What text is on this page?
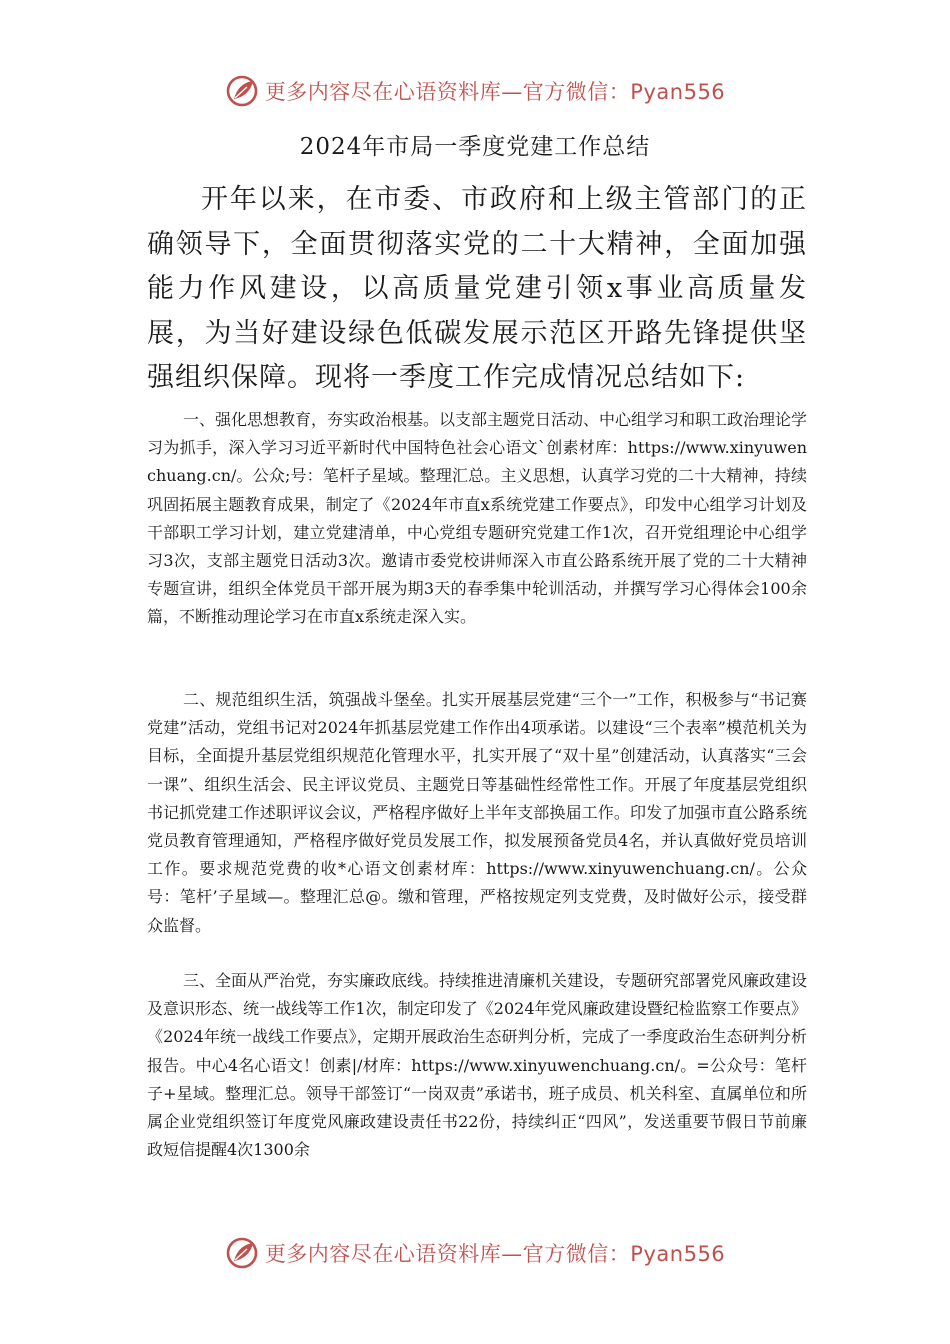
更多内容尽在心语资料库—官方微信：Pyan556
2024年市局一季度党建工作总结

开年以来，在市委、市政府和上级主管部门的正确领导下，全面贯彻落实党的二十大精神，全面加强能力作风建设，以高质量党建引领x事业高质量发展，为当好建设绿色低碳发展示范区开路先锋提供坚强组织保障。现将一季度工作完成情况总结如下:

一、强化思想教育，夯实政治根基。以支部主题党日活动、中心组学习和职工政治理论学习为抓手，深入学习习近平新时代中国特色社会心语文`创素材库：https://www.xinyuwenchuang.cn/。公众;号：笔杆子星域。整理汇总。主义思想，认真学习党的二十大精神，持续巩固拓展主题教育成果，制定了《2024年市直x系统党建工作要点》，印发中心组学习计划及干部职工学习计划，建立党建清单，中心党组专题研究党建工作1次，召开党组理论中心组学习3次，支部主题党日活动3次。邀请市委党校讲师深入市直公路系统开展了党的二十大精神专题宣讲，组织全体党员干部开展为期3天的春季集中轮训活动，并撰写学习心得体会100余篇，不断推动理论学习在市直x系统走深入实。

二、规范组织生活，筑强战斗堡垒。扎实开展基层党建“三个一”工作，积极参与“书记赛党建”活动，党组书记对2024年抓基层党建工作作出4项承诺。以建设“三个表率”模范机关为目标，全面提升基层党组织规范化管理水平，扎实开展了“双十星”创建活动，认真落实“三会一课”、组织生活会、民主评议党员、主题党日等基础性经常性工作。开展了年度基层党组织书记抓党建工作述职评议会议，严格程序做好上半年支部换届工作。印发了加强市直公路系统党员教育管理通知，严格程序做好党员发展工作，拟发展预备党员4名，并认真做好党员培训工作。要求规范党费的收*心语文创素材库：https://www.xinyuwenchuang.cn/。公众号：笔杆’子星域—。整理汇总@。缴和管理，严格按规定列支党费，及时做好公示，接受群众监督。

三、全面从严治党，夯实廉政底线。持续推进清廉机关建设，专题研究部署党风廉政建设及意识形态、统一战线等工作1次，制定印发了《2024年党风廉政建设暨纪检监察工作要点》《2024年统一战线工作要点》，定期开展政治生态研判分析，完成了一季度政治生态研判分析报告。中心4名心语文！创素|/材库：https://www.xinyuwenchuang.cn/。=公众号：笔杆子+星域。整理汇总。领导干部签订“一岗双责”承诺书，班子成员、机关科室、直属单位和所属企业党组织签订年度党风廉政建设责任书22份，持续纠正“四风”，发送重要节假日节前廉政短信提醒4次1300余

更多内容尽在心语资料库—官方微信：Pyan556
